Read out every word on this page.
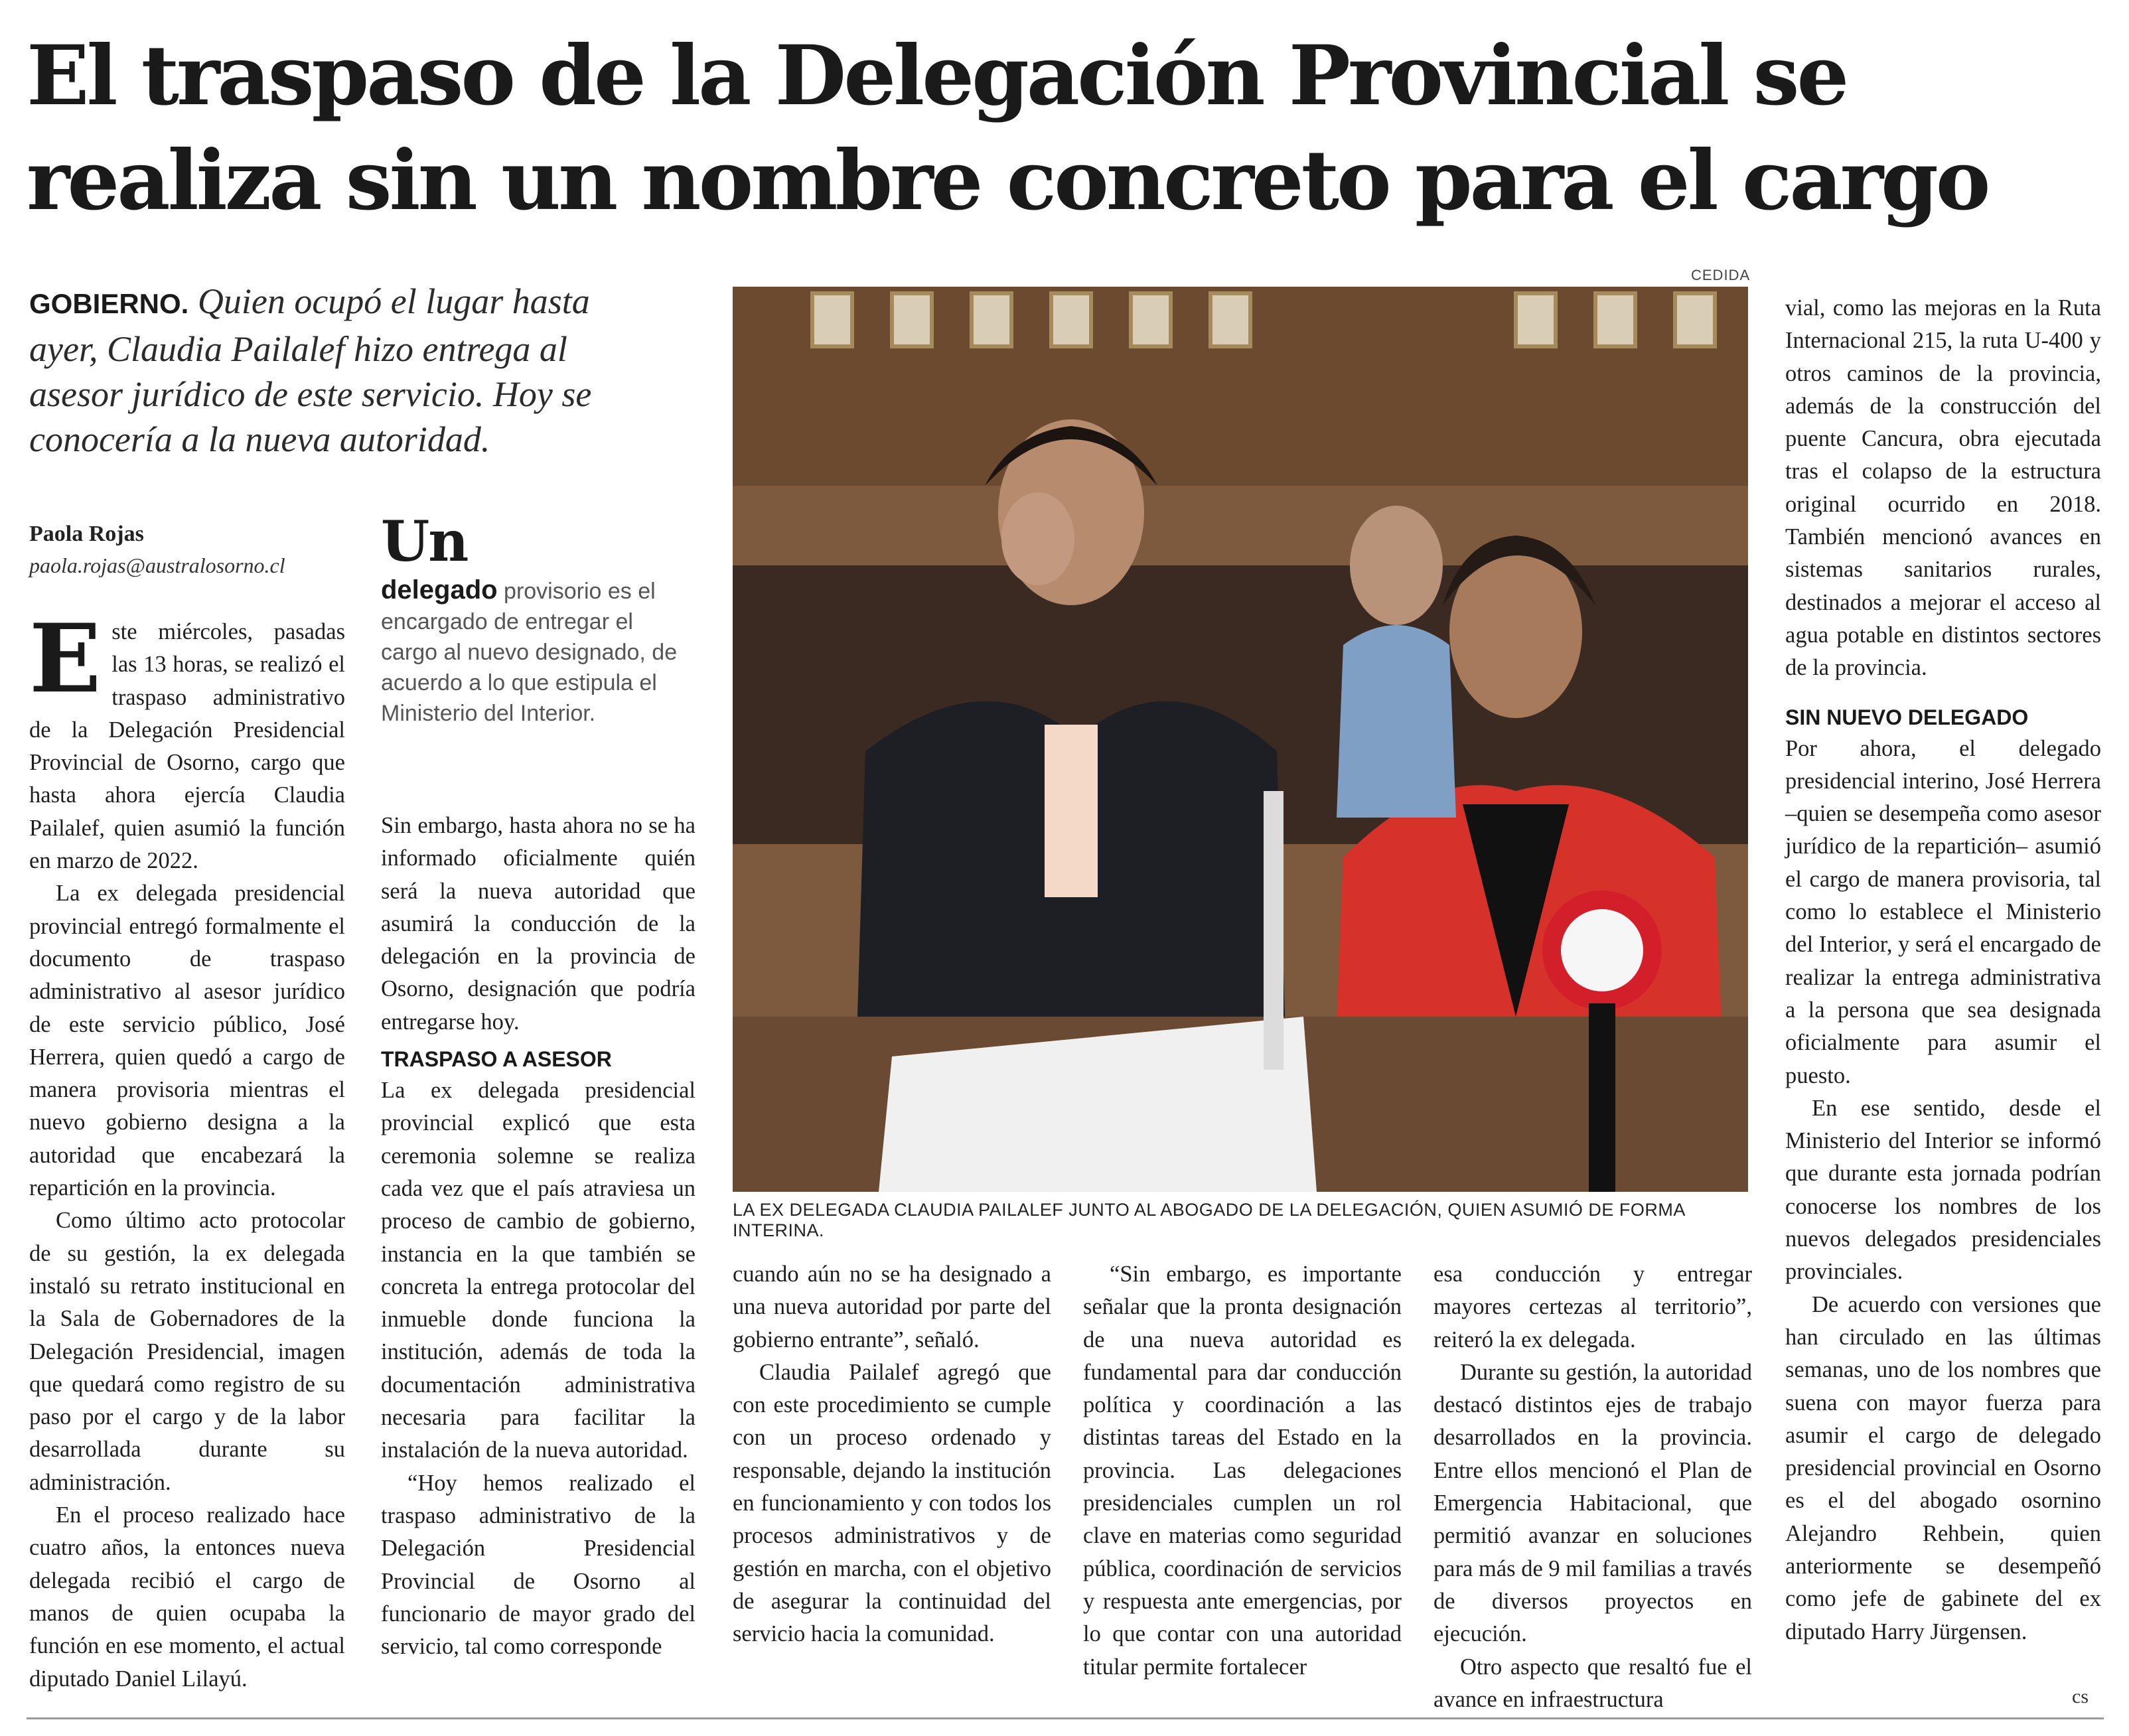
El traspaso de la Delegación Provincial se realiza sin un nombre concreto para el cargo
GOBIERNO. Quien ocupó el lugar hasta ayer, Claudia Pailalef hizo entrega al asesor jurídico de este servicio. Hoy se conocería a la nueva autoridad.
Paola Rojas
paola.rojas@australosorno.cl Un
delegado provisorio es el encargado de entregar el cargo al nuevo designado, de acuerdo a lo que estipula el Ministerio del Interior.
E ste miércoles, pasadas las 13 horas, se realizó el traspaso administrativo de la Delegación Presidencial Provincial de Osorno, cargo que hasta ahora ejercía Claudia Pailalef, quien asumió la función en marzo de 2022.

La ex delegada presidencial provincial entregó formalmente el documento de traspaso administrativo al asesor jurídico de este servicio público, José Herrera, quien quedó a cargo de manera provisoria mientras el nuevo gobierno designa a la autoridad que encabezará la repartición en la provincia.

Como último acto protocolar de su gestión, la ex delegada instaló su retrato institucional en la Sala de Gobernadores de la Delegación Presidencial, imagen que quedará como registro de su paso por el cargo y de la labor desarrollada durante su administración.

En el proceso realizado hace cuatro años, la entonces nueva delegada recibió el cargo de manos de quien ocupaba la función en ese momento, el actual diputado Daniel Lilayú.

Sin embargo, hasta ahora no se ha informado oficialmente quién será la nueva autoridad que asumirá la conducción de la delegación en la provincia de Osorno, designación que podría entregarse hoy.

TRASPASO A ASESOR

La ex delegada presidencial provincial explicó que esta ceremonia solemne se realiza cada vez que el país atraviesa un proceso de cambio de gobierno, instancia en la que también se concreta la entrega protocolar del inmueble donde funciona la institución, además de toda la documentación administrativa necesaria para facilitar la instalación de la nueva autoridad.

“Hoy hemos realizado el traspaso administrativo de la Delegación Presidencial Provincial de Osorno al funcionario de mayor grado del servicio, tal como corresponde

CEDIDA
LA EX DELEGADA CLAUDIA PAILALEF JUNTO AL ABOGADO DE LA DELEGACIÓN, QUIEN ASUMIÓ DE FORMA INTERINA.

cuando aún no se ha designado a una nueva autoridad por parte del gobierno entrante”, señaló.

Claudia Pailalef agregó que con este procedimiento se cumple con un proceso ordenado y responsable, dejando la institución en funcionamiento y con todos los procesos administrativos y de gestión en marcha, con el objetivo de asegurar la continuidad del servicio hacia la comunidad.

“Sin embargo, es importante señalar que la pronta designación de una nueva autoridad es fundamental para dar conducción política y coordinación a las distintas tareas del Estado en la provincia. Las delegaciones presidenciales cumplen un rol clave en materias como seguridad pública, coordinación de servicios y respuesta ante emergencias, por lo que contar con una autoridad titular permite fortalecer

esa conducción y entregar mayores certezas al territorio”, reiteró la ex delegada.

Durante su gestión, la autoridad destacó distintos ejes de trabajo desarrollados en la provincia. Entre ellos mencionó el Plan de Emergencia Habitacional, que permitió avanzar en soluciones para más de 9 mil familias a través de diversos proyectos en ejecución.

Otro aspecto que resaltó fue el avance en infraestructura

vial, como las mejoras en la Ruta Internacional 215, la ruta U-400 y otros caminos de la provincia, además de la construcción del puente Cancura, obra ejecutada tras el colapso de la estructura original ocurrido en 2018. También mencionó avances en sistemas sanitarios rurales, destinados a mejorar el acceso al agua potable en distintos sectores de la provincia.

SIN NUEVO DELEGADO

Por ahora, el delegado presidencial interino, José Herrera –quien se desempeña como asesor jurídico de la repartición– asumió el cargo de manera provisoria, tal como lo establece el Ministerio del Interior, y será el encargado de realizar la entrega administrativa a la persona que sea designada oficialmente para asumir el puesto.

En ese sentido, desde el Ministerio del Interior se informó que durante esta jornada podrían conocerse los nombres de los nuevos delegados presidenciales provinciales.

De acuerdo con versiones que han circulado en las últimas semanas, uno de los nombres que suena con mayor fuerza para asumir el cargo de delegado presidencial provincial en Osorno es el del abogado osornino Alejandro Rehbein, quien anteriormente se desempeñó como jefe de gabinete del ex diputado Harry Jürgensen.

cs
